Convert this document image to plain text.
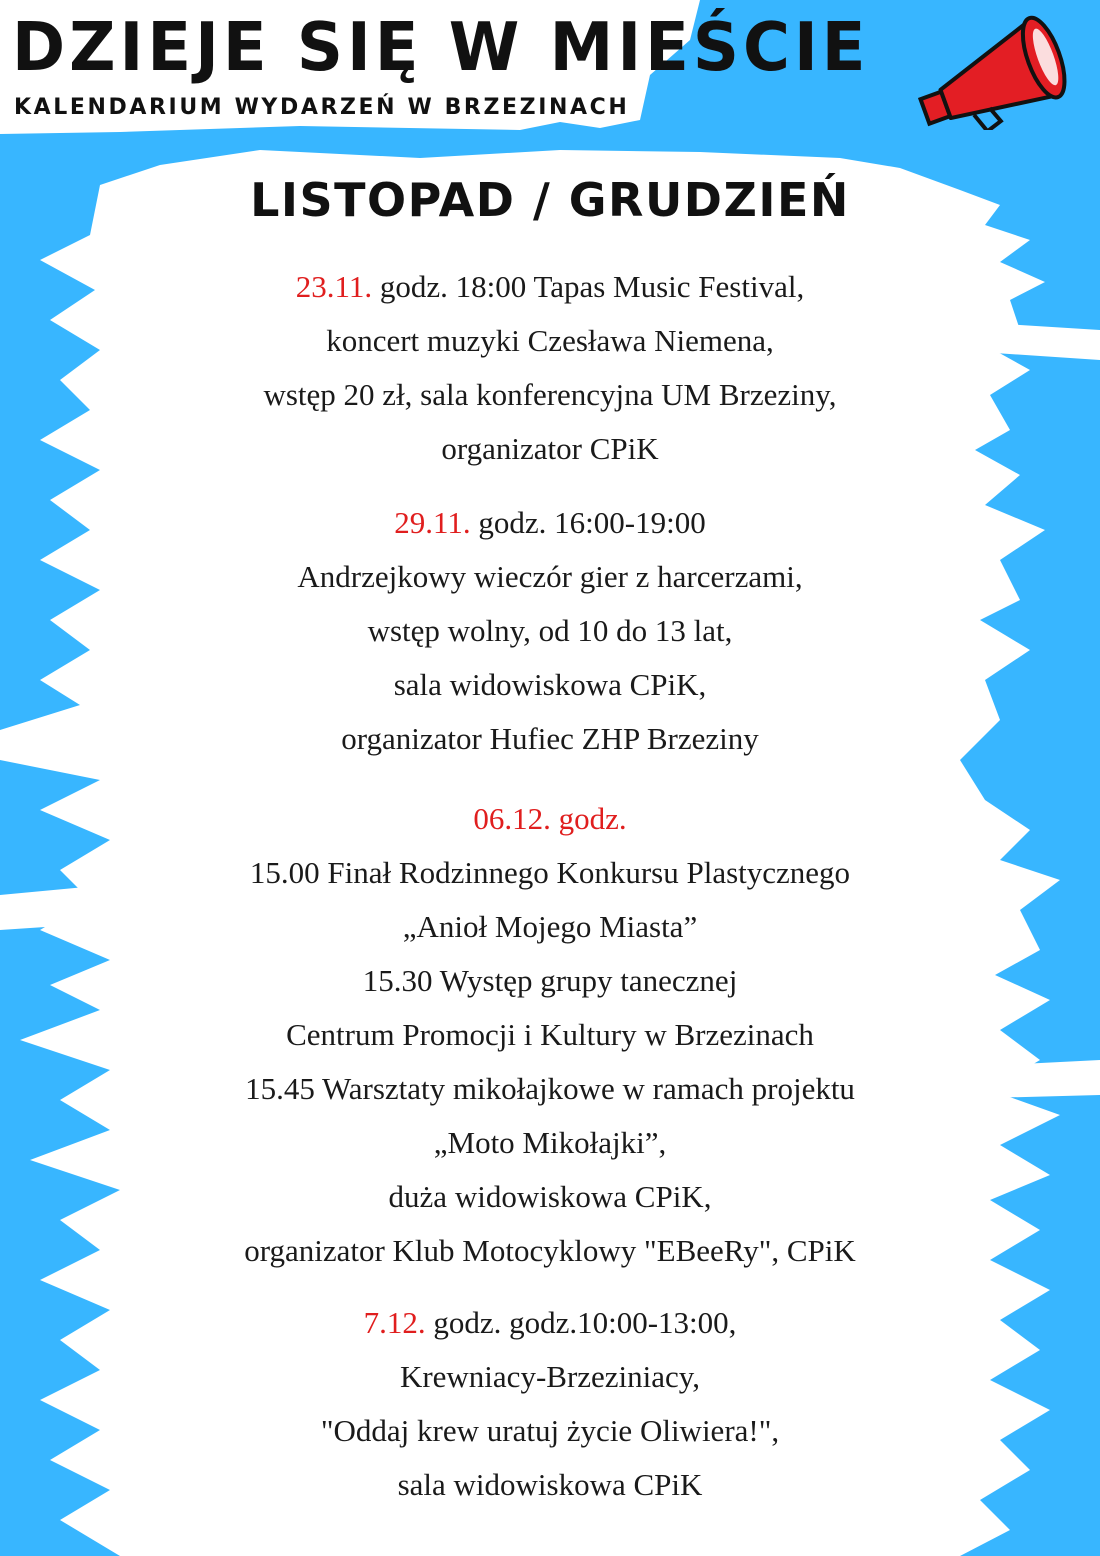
DZIEJE SIĘ W MIEŚCIE
KALENDARIUM WYDARZEŃ W BRZEZINACH
LISTOPAD / GRUDZIEŃ
23.11. godz. 18:00 Tapas Music Festival,
koncert muzyki Czesława Niemena,
wstęp 20 zł, sala konferencyjna UM Brzeziny,
organizator CPiK
29.11. godz. 16:00-19:00
Andrzejkowy wieczór gier z harcerzami,
wstęp wolny, od 10 do 13 lat,
sala widowiskowa CPiK,
organizator Hufiec ZHP Brzeziny
06.12. godz.
15.00 Finał Rodzinnego Konkursu Plastycznego
„Anioł Mojego Miasta”
15.30 Występ grupy tanecznej
Centrum Promocji i Kultury w Brzezinach
15.45 Warsztaty mikołajkowe w ramach projektu
„Moto Mikołajki”,
duża widowiskowa CPiK,
organizator Klub Motocyklowy "EBeeRy", CPiK
7.12. godz. godz.10:00-13:00,
Krewniacy-Brzeziniacy,
"Oddaj krew uratuj życie Oliwiera!",
sala widowiskowa CPiK
